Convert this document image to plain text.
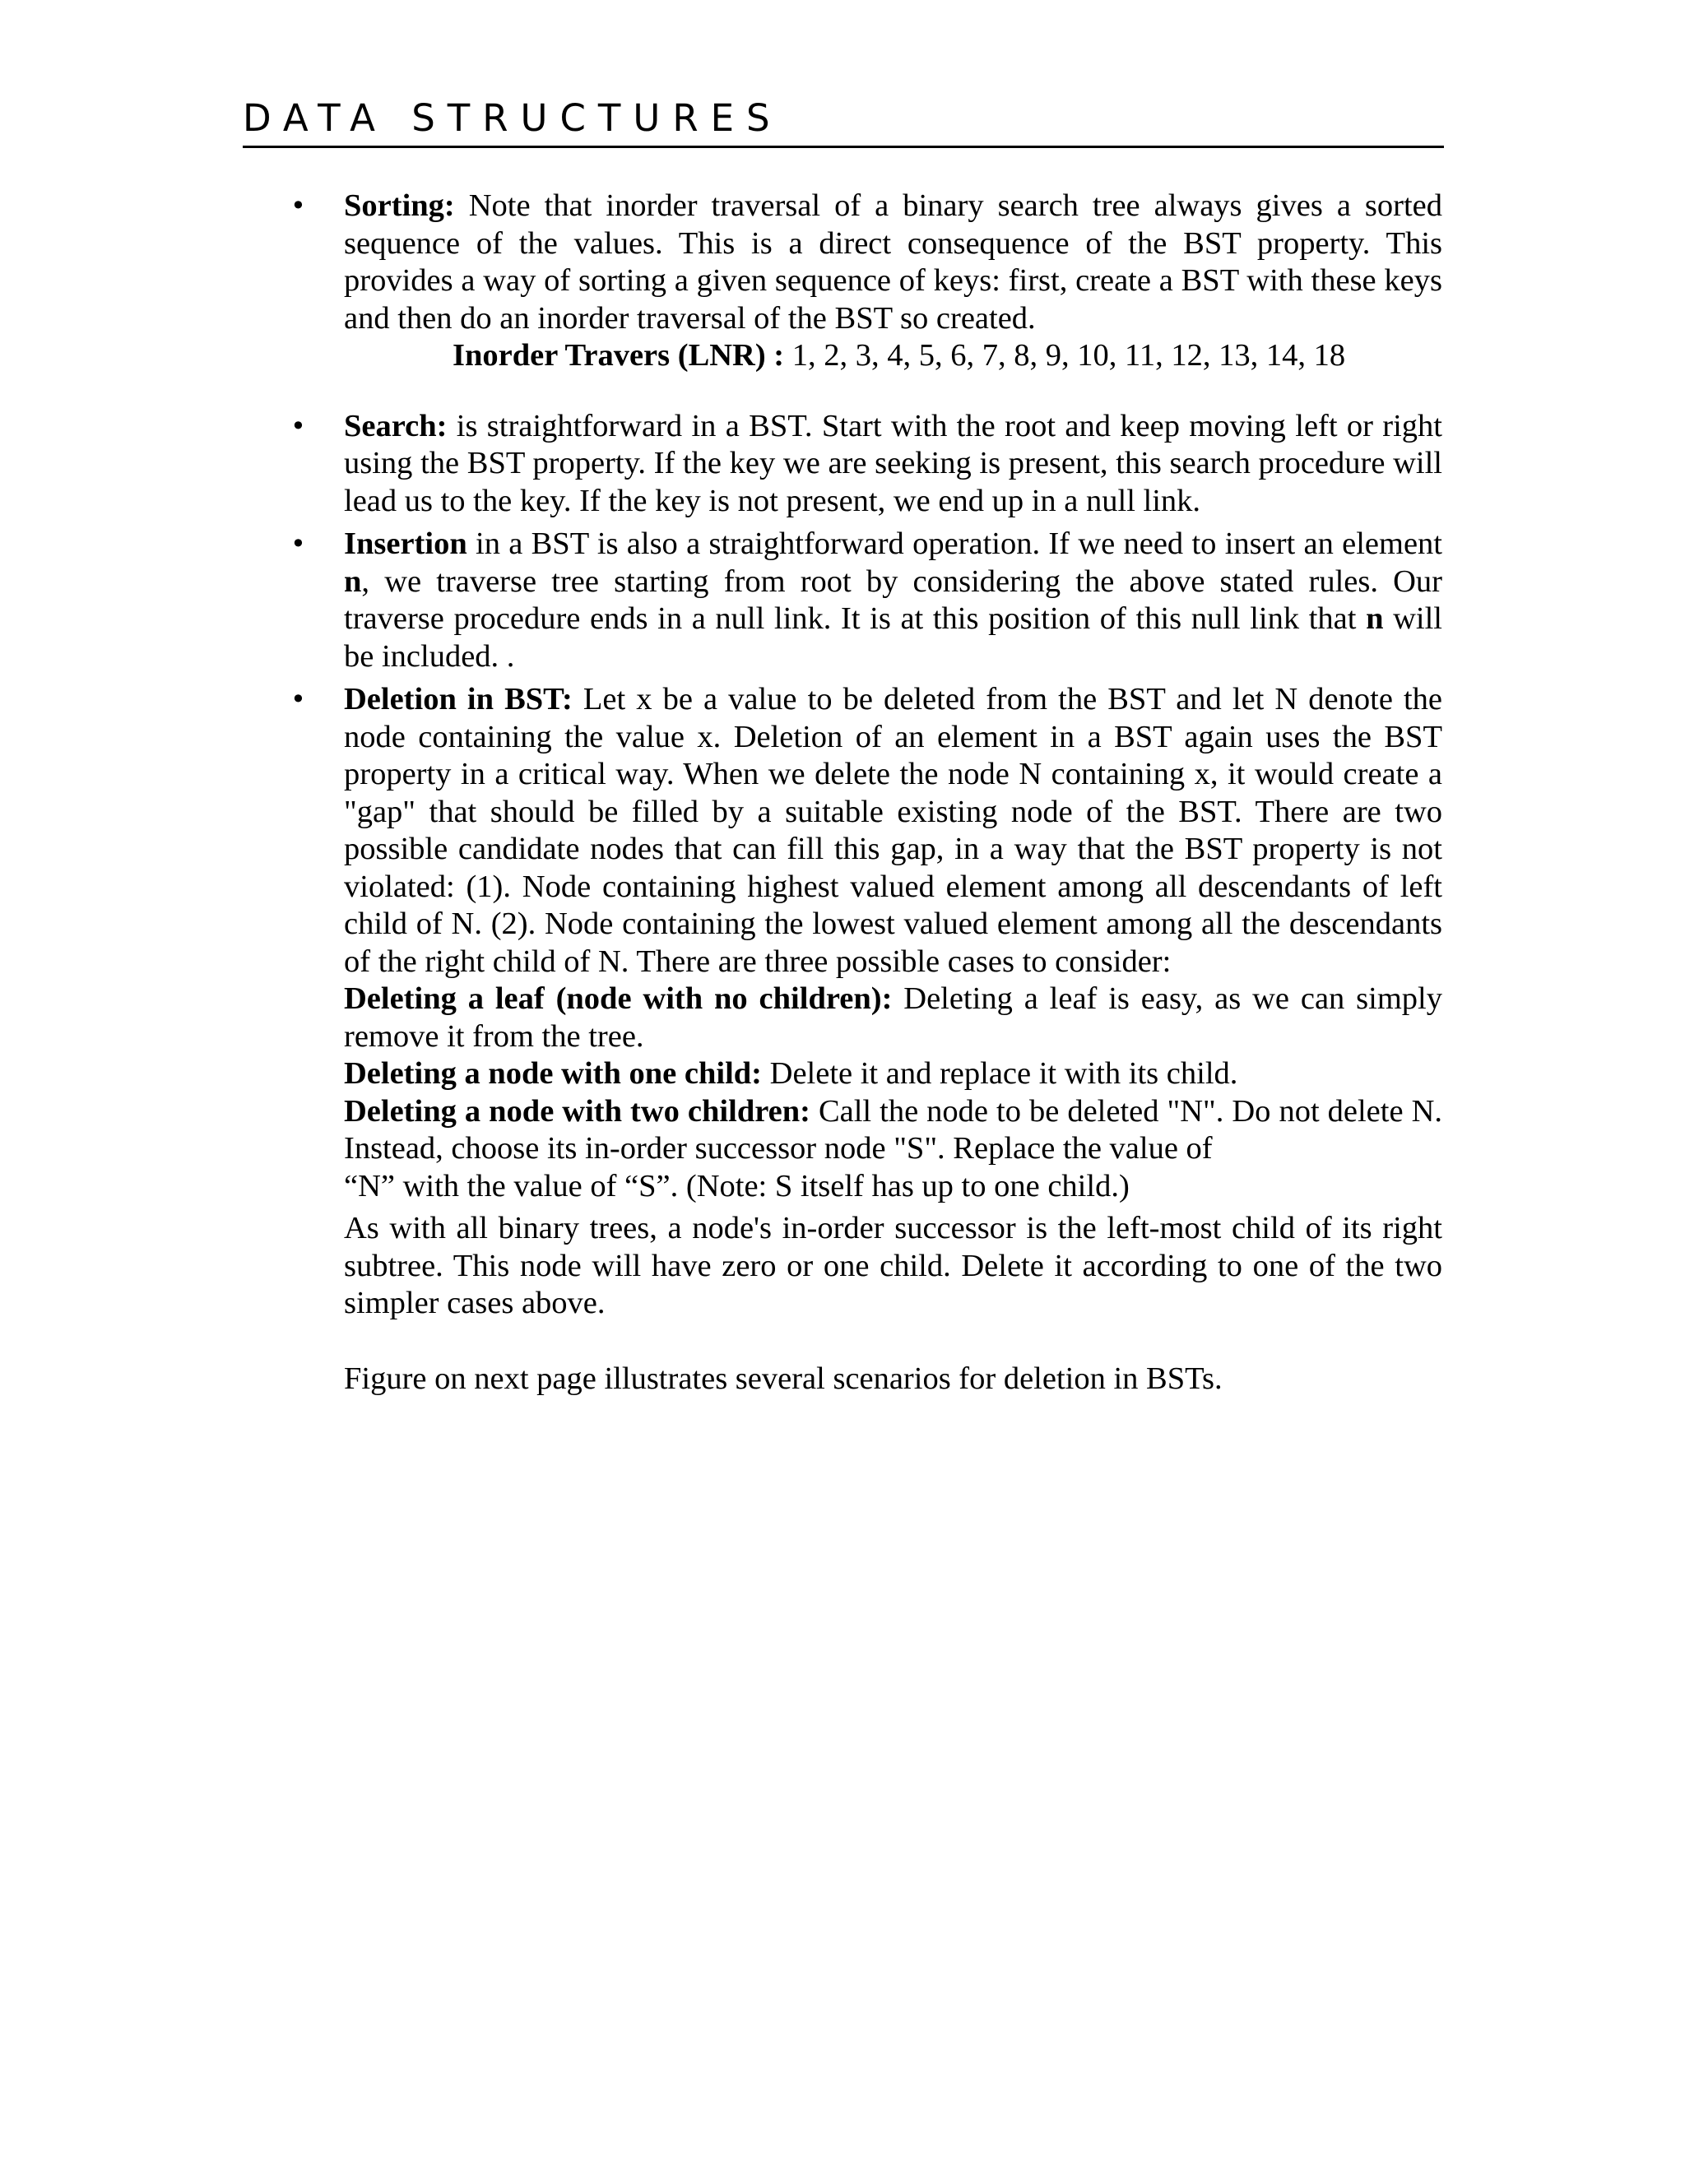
DATA STRUCTURES
• Sorting: Note that inorder traversal of a binary search tree always gives a sorted sequence of the values. This is a direct consequence of the BST property. This provides a way of sorting a given sequence of keys: first, create a BST with these keys and then do an inorder traversal of the BST so created.
Inorder Travers (LNR) : 1, 2, 3, 4, 5, 6, 7, 8, 9, 10, 11, 12, 13, 14, 18
• Search: is straightforward in a BST. Start with the root and keep moving left or right using the BST property. If the key we are seeking is present, this search procedure will lead us to the key. If the key is not present, we end up in a null link.
• Insertion in a BST is also a straightforward operation. If we need to insert an element n, we traverse tree starting from root by considering the above stated rules. Our traverse procedure ends in a null link. It is at this position of this null link that n will be included. .
• Deletion in BST: Let x be a value to be deleted from the BST and let N denote the node containing the value x. Deletion of an element in a BST again uses the BST property in a critical way. When we delete the node N containing x, it would create a "gap" that should be filled by a suitable existing node of the BST. There are two possible candidate nodes that can fill this gap, in a way that the BST property is not violated: (1). Node containing highest valued element among all descendants of left child of N. (2). Node containing the lowest valued element among all the descendants of the right child of N. There are three possible cases to consider:
Deleting a leaf (node with no children): Deleting a leaf is easy, as we can simply remove it from the tree.
Deleting a node with one child: Delete it and replace it with its child.
Deleting a node with two children: Call the node to be deleted "N". Do not delete N. Instead, choose its in-order successor node "S". Replace the value of
“N” with the value of “S”. (Note: S itself has up to one child.)
As with all binary trees, a node's in-order successor is the left-most child of its right subtree. This node will have zero or one child. Delete it according to one of the two simpler cases above.
Figure on next page illustrates several scenarios for deletion in BSTs.
